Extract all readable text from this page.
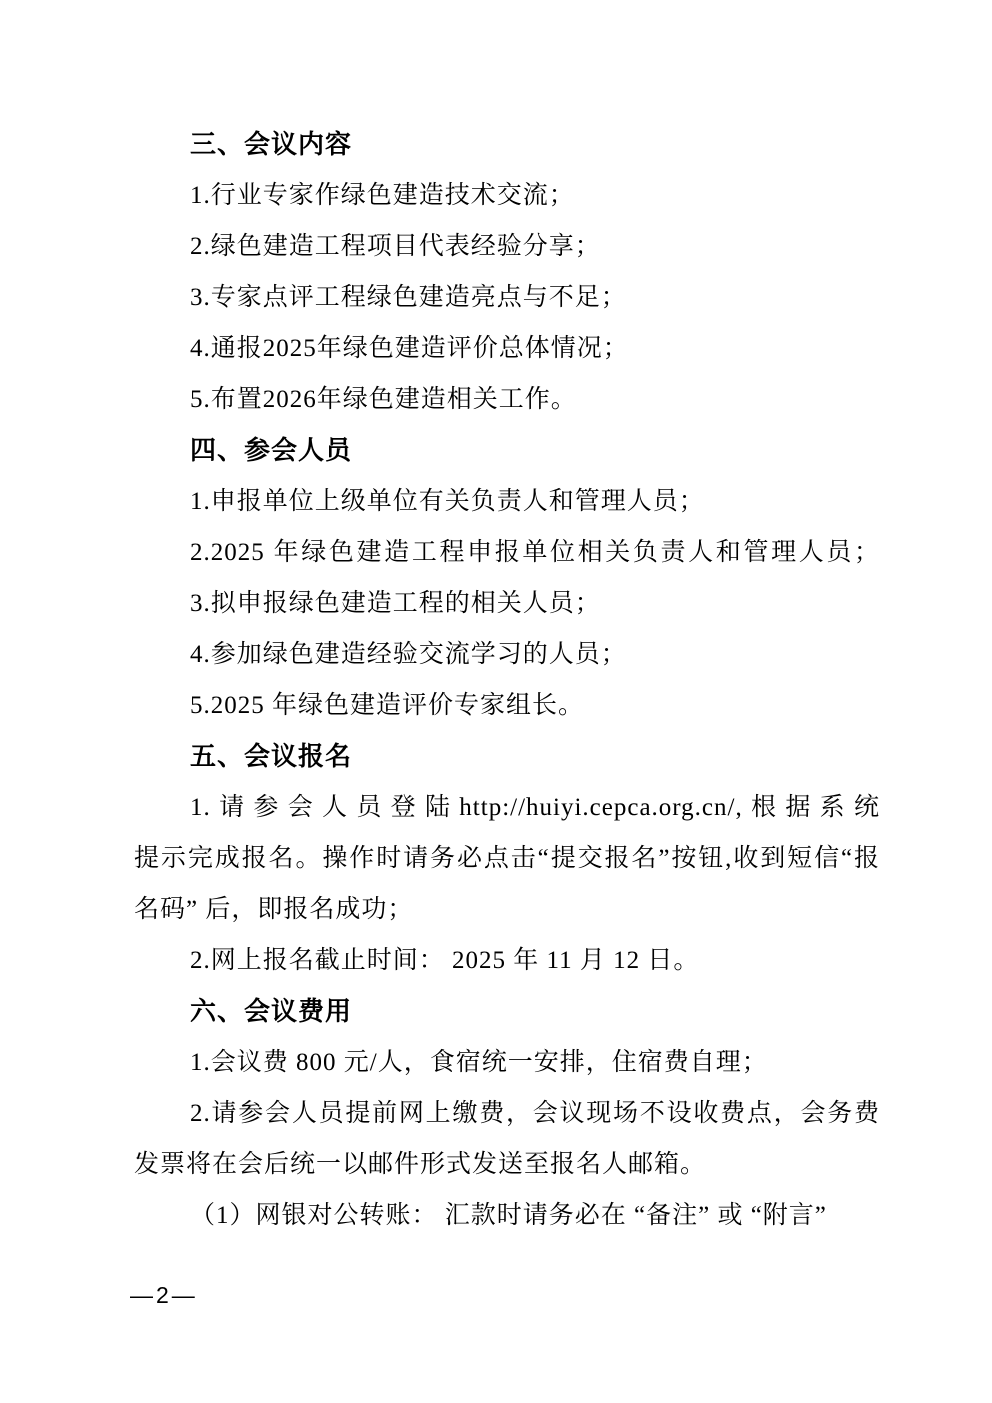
三、会议内容
1.行业专家作绿色建造技术交流；
2.绿色建造工程项目代表经验分享；
3.专家点评工程绿色建造亮点与不足；
4.通报2025年绿色建造评价总体情况；
5.布置2026年绿色建造相关工作。
四、参会人员
1.申报单位上级单位有关负责人和管理人员；
2.2025 年绿色建造工程申报单位相关负责人和管理人员；
3.拟申报绿色建造工程的相关人员；
4.参加绿色建造经验交流学习的人员；
5.2025 年绿色建造评价专家组长。
五、会议报名
1.请参会人员登陆http://huiyi.cepca.org.cn/,根据系统
提示完成报名。操作时请务必点击“提交报名”按钮,收到短信“报
名码” 后，即报名成功；
2.网上报名截止时间： 2025 年 11 月 12 日。
六、会议费用
1.会议费 800 元/人，食宿统一安排，住宿费自理；
2.请参会人员提前网上缴费，会议现场不设收费点，会务费
发票将在会后统一以邮件形式发送至报名人邮箱。
（1）网银对公转账： 汇款时请务必在 “备注” 或 “附言”
—2—
